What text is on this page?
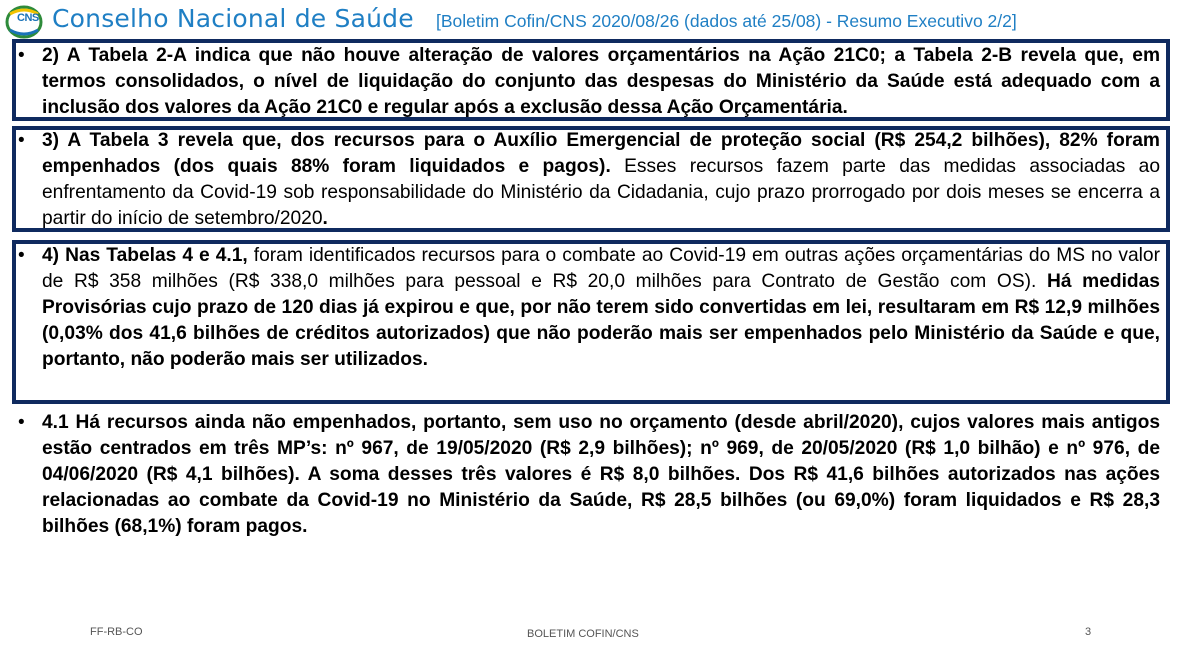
CNS Conselho Nacional de Saúde [Boletim Cofin/CNS 2020/08/26 (dados até 25/08) - Resumo Executivo 2/2]
• 2) A Tabela 2-A indica que não houve alteração de valores orçamentários na Ação 21C0; a Tabela 2-B revela que, em termos consolidados, o nível de liquidação do conjunto das despesas do Ministério da Saúde está adequado com a inclusão dos valores da Ação 21C0 e regular após a exclusão dessa Ação Orçamentária.
• 3) A Tabela 3 revela que, dos recursos para o Auxílio Emergencial de proteção social (R$ 254,2 bilhões), 82% foram empenhados (dos quais 88% foram liquidados e pagos). Esses recursos fazem parte das medidas associadas ao enfrentamento da Covid-19 sob responsabilidade do Ministério da Cidadania, cujo prazo prorrogado por dois meses se encerra a partir do início de setembro/2020.
• 4) Nas Tabelas 4 e 4.1, foram identificados recursos para o combate ao Covid-19 em outras ações orçamentárias do MS no valor de R$ 358 milhões (R$ 338,0 milhões para pessoal e R$ 20,0 milhões para Contrato de Gestão com OS). Há medidas Provisórias cujo prazo de 120 dias já expirou e que, por não terem sido convertidas em lei, resultaram em R$ 12,9 milhões (0,03% dos 41,6 bilhões de créditos autorizados) que não poderão mais ser empenhados pelo Ministério da Saúde e que, portanto, não poderão mais ser utilizados.
• 4.1 Há recursos ainda não empenhados, portanto, sem uso no orçamento (desde abril/2020), cujos valores mais antigos estão centrados em três MP’s: nº 967, de 19/05/2020 (R$ 2,9 bilhões); nº 969, de 20/05/2020 (R$ 1,0 bilhão) e nº 976, de 04/06/2020 (R$ 4,1 bilhões). A soma desses três valores é R$ 8,0 bilhões. Dos R$ 41,6 bilhões autorizados nas ações relacionadas ao combate da Covid-19 no Ministério da Saúde, R$ 28,5 bilhões (ou 69,0%) foram liquidados e R$ 28,3 bilhões (68,1%) foram pagos.
FF-RB-CO	BOLETIM COFIN/CNS	3
